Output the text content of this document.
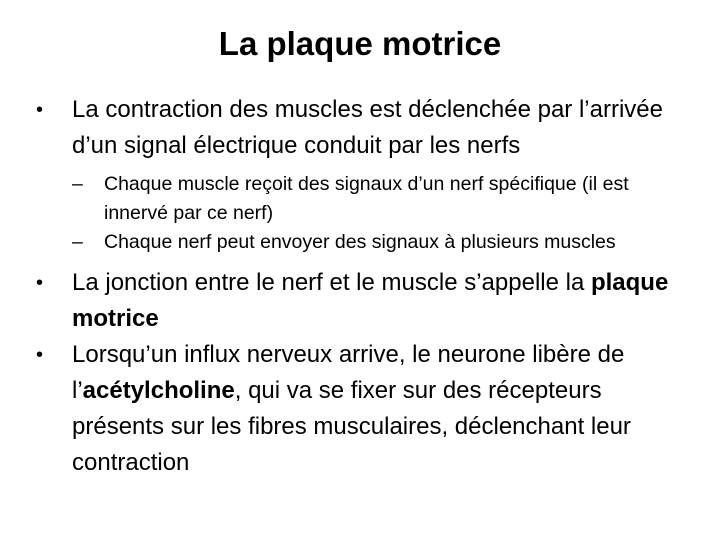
La plaque motrice
•	La contraction des muscles est déclenchée par l’arrivée d’un signal électrique conduit par les nerfs
– Chaque muscle reçoit des signaux d’un nerf spécifique (il est innervé par ce nerf)
– Chaque nerf peut envoyer des signaux à plusieurs muscles
•	La jonction entre le nerf et le muscle s’appelle la plaque motrice
•	Lorsqu’un influx nerveux arrive, le neurone libère de l’acétylcholine, qui va se fixer sur des récepteurs présents sur les fibres musculaires, déclenchant leur contraction
